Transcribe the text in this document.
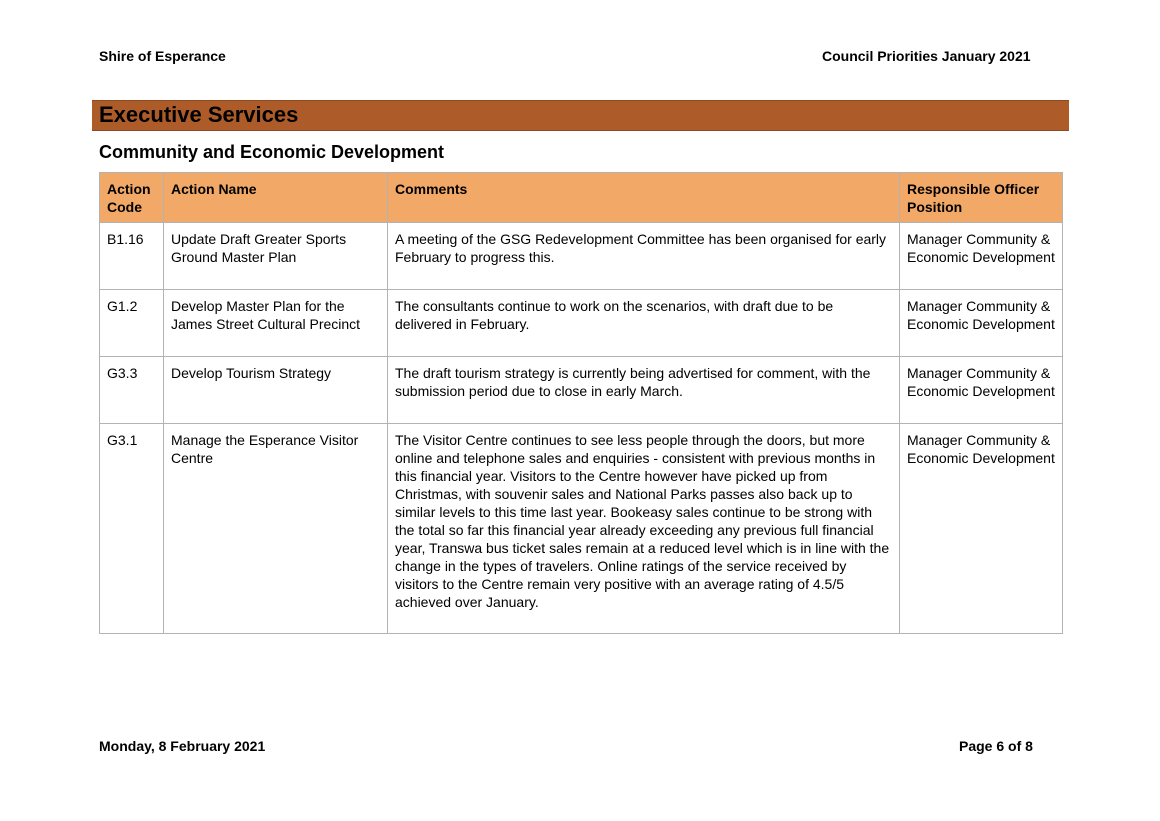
Shire of Esperance	Council Priorities January 2021
Executive Services
Community and Economic Development
Action Code	Action Name	Comments	Responsible Officer Position
B1.16	Update Draft Greater Sports Ground Master Plan	A meeting of the GSG Redevelopment Committee has been organised for early February to progress this.	Manager Community & Economic Development
G1.2	Develop Master Plan for the James Street Cultural Precinct	The consultants continue to work on the scenarios, with draft due to be delivered in February.	Manager Community & Economic Development
G3.3	Develop Tourism Strategy	The draft tourism strategy is currently being advertised for comment, with the submission period due to close in early March.	Manager Community & Economic Development
G3.1	Manage the Esperance Visitor Centre	The Visitor Centre continues to see less people through the doors, but more online and telephone sales and enquiries - consistent with previous months in this financial year. Visitors to the Centre however have picked up from Christmas, with souvenir sales and National Parks passes also back up to similar levels to this time last year. Bookeasy sales continue to be strong with the total so far this financial year already exceeding any previous full financial year, Transwa bus ticket sales remain at a reduced level which is in line with the change in the types of travelers. Online ratings of the service received by visitors to the Centre remain very positive with an average rating of 4.5/5 achieved over January.	Manager Community & Economic Development
Monday, 8 February 2021	Page 6 of 8
